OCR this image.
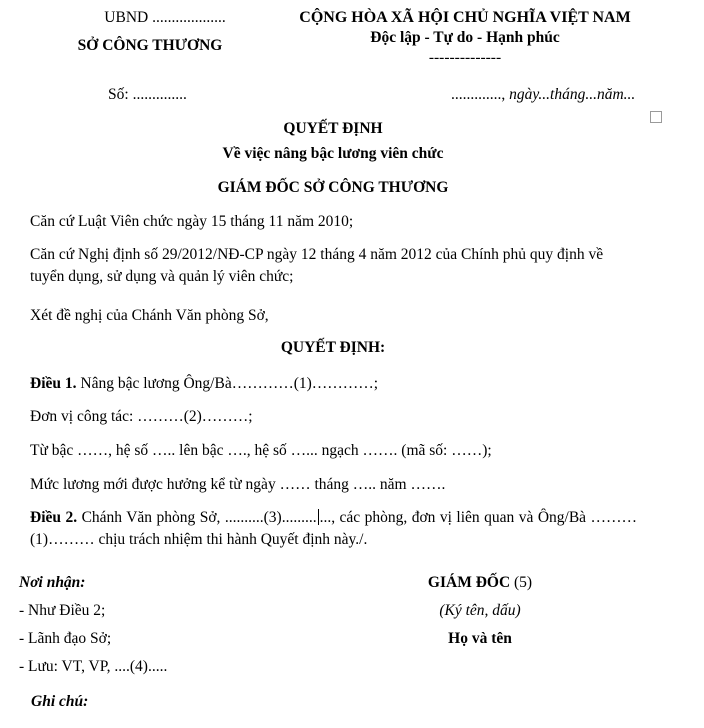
UBND ...................
SỞ CÔNG THƯƠNG
CỘNG HÒA XÃ HỘI CHỦ NGHĨA VIỆT NAM
Độc lập - Tự do - Hạnh phúc
--------------
Số: ..............	............., ngày...tháng...năm...
QUYẾT ĐỊNH
Về việc nâng bậc lương viên chức
GIÁM ĐỐC SỞ CÔNG THƯƠNG
Căn cứ Luật Viên chức ngày 15 tháng 11 năm 2010;
Căn cứ Nghị định số 29/2012/NĐ-CP ngày 12 tháng 4 năm 2012 của Chính phủ quy định về tuyển dụng, sử dụng và quản lý viên chức;
Xét đề nghị của Chánh Văn phòng Sở,
QUYẾT ĐỊNH:
Điều 1. Nâng bậc lương Ông/Bà…………(1)…………;
Đơn vị công tác: ………(2)………;
Từ bậc ……, hệ số ….. lên bậc …., hệ số …... ngạch ……. (mã số: ……);
Mức lương mới được hưởng kể từ ngày …… tháng ….. năm …….
Điều 2. Chánh Văn phòng Sở, ..........(3)......... ..., các phòng, đơn vị liên quan và Ông/Bà ………(1)……… chịu trách nhiệm thi hành Quyết định này./.
Nơi nhận:
- Như Điều 2;
- Lãnh đạo Sở;
- Lưu: VT, VP, ....(4).....
GIÁM ĐỐC (5)
(Ký tên, dấu)
Họ và tên
Ghi chú:
